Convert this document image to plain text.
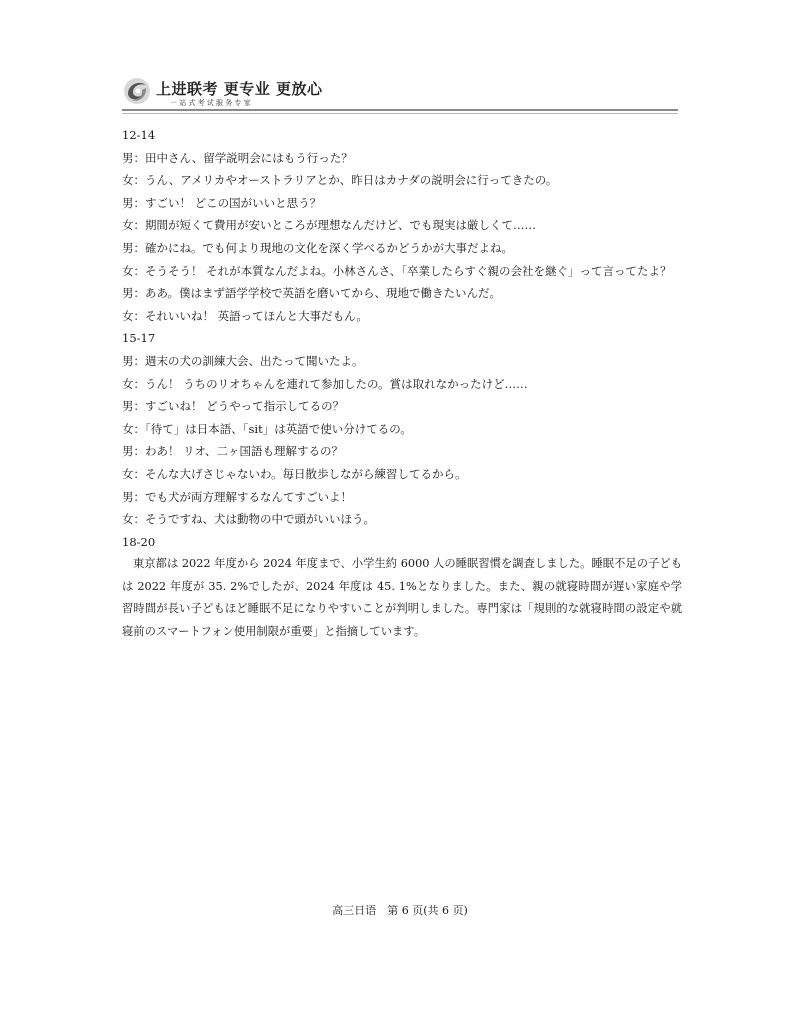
上进联考 更专业 更放心
一站式考试服务专家
12-14
男：田中さん、留学説明会にはもう行った？
女：うん、アメリカやオーストラリアとか、昨日はカナダの説明会に行ってきたの。
男：すごい！ どこの国がいいと思う？
女：期間が短くて費用が安いところが理想なんだけど、でも現実は厳しくて……
男：確かにね。でも何より現地の文化を深く学べるかどうかが大事だよね。
女：そうそう！ それが本質なんだよね。小林さんさ、「卒業したらすぐ親の会社を継ぐ」って言ってたよ？
男：ああ。僕はまず語学学校で英語を磨いてから、現地で働きたいんだ。
女：それいいね！ 英語ってほんと大事だもん。
15-17
男：週末の犬の訓練大会、出たって聞いたよ。
女：うん！ うちのリオちゃんを連れて参加したの。賞は取れなかったけど……
男：すごいね！ どうやって指示してるの？
女：「待て」は日本語、「sit」は英語で使い分けてるの。
男：わあ！ リオ、二ヶ国語も理解するの？
女：そんな大げさじゃないわ。毎日散歩しながら練習してるから。
男：でも犬が両方理解するなんてすごいよ！
女：そうですね、犬は動物の中で頭がいいほう。
18-20

東京都は 2022 年度から 2024 年度まで、小学生約 6000 人の睡眠習慣を調査しました。睡眠不足の子どもは 2022 年度が 35. 2%でしたが、2024 年度は 45. 1%となりました。また、親の就寝時間が遅い家庭や学習時間が長い子どもほど睡眠不足になりやすいことが判明しました。専門家は「規則的な就寝時間の設定や就寝前のスマートフォン使用制限が重要」と指摘しています。

高三日语　第 6 页(共 6 页)
